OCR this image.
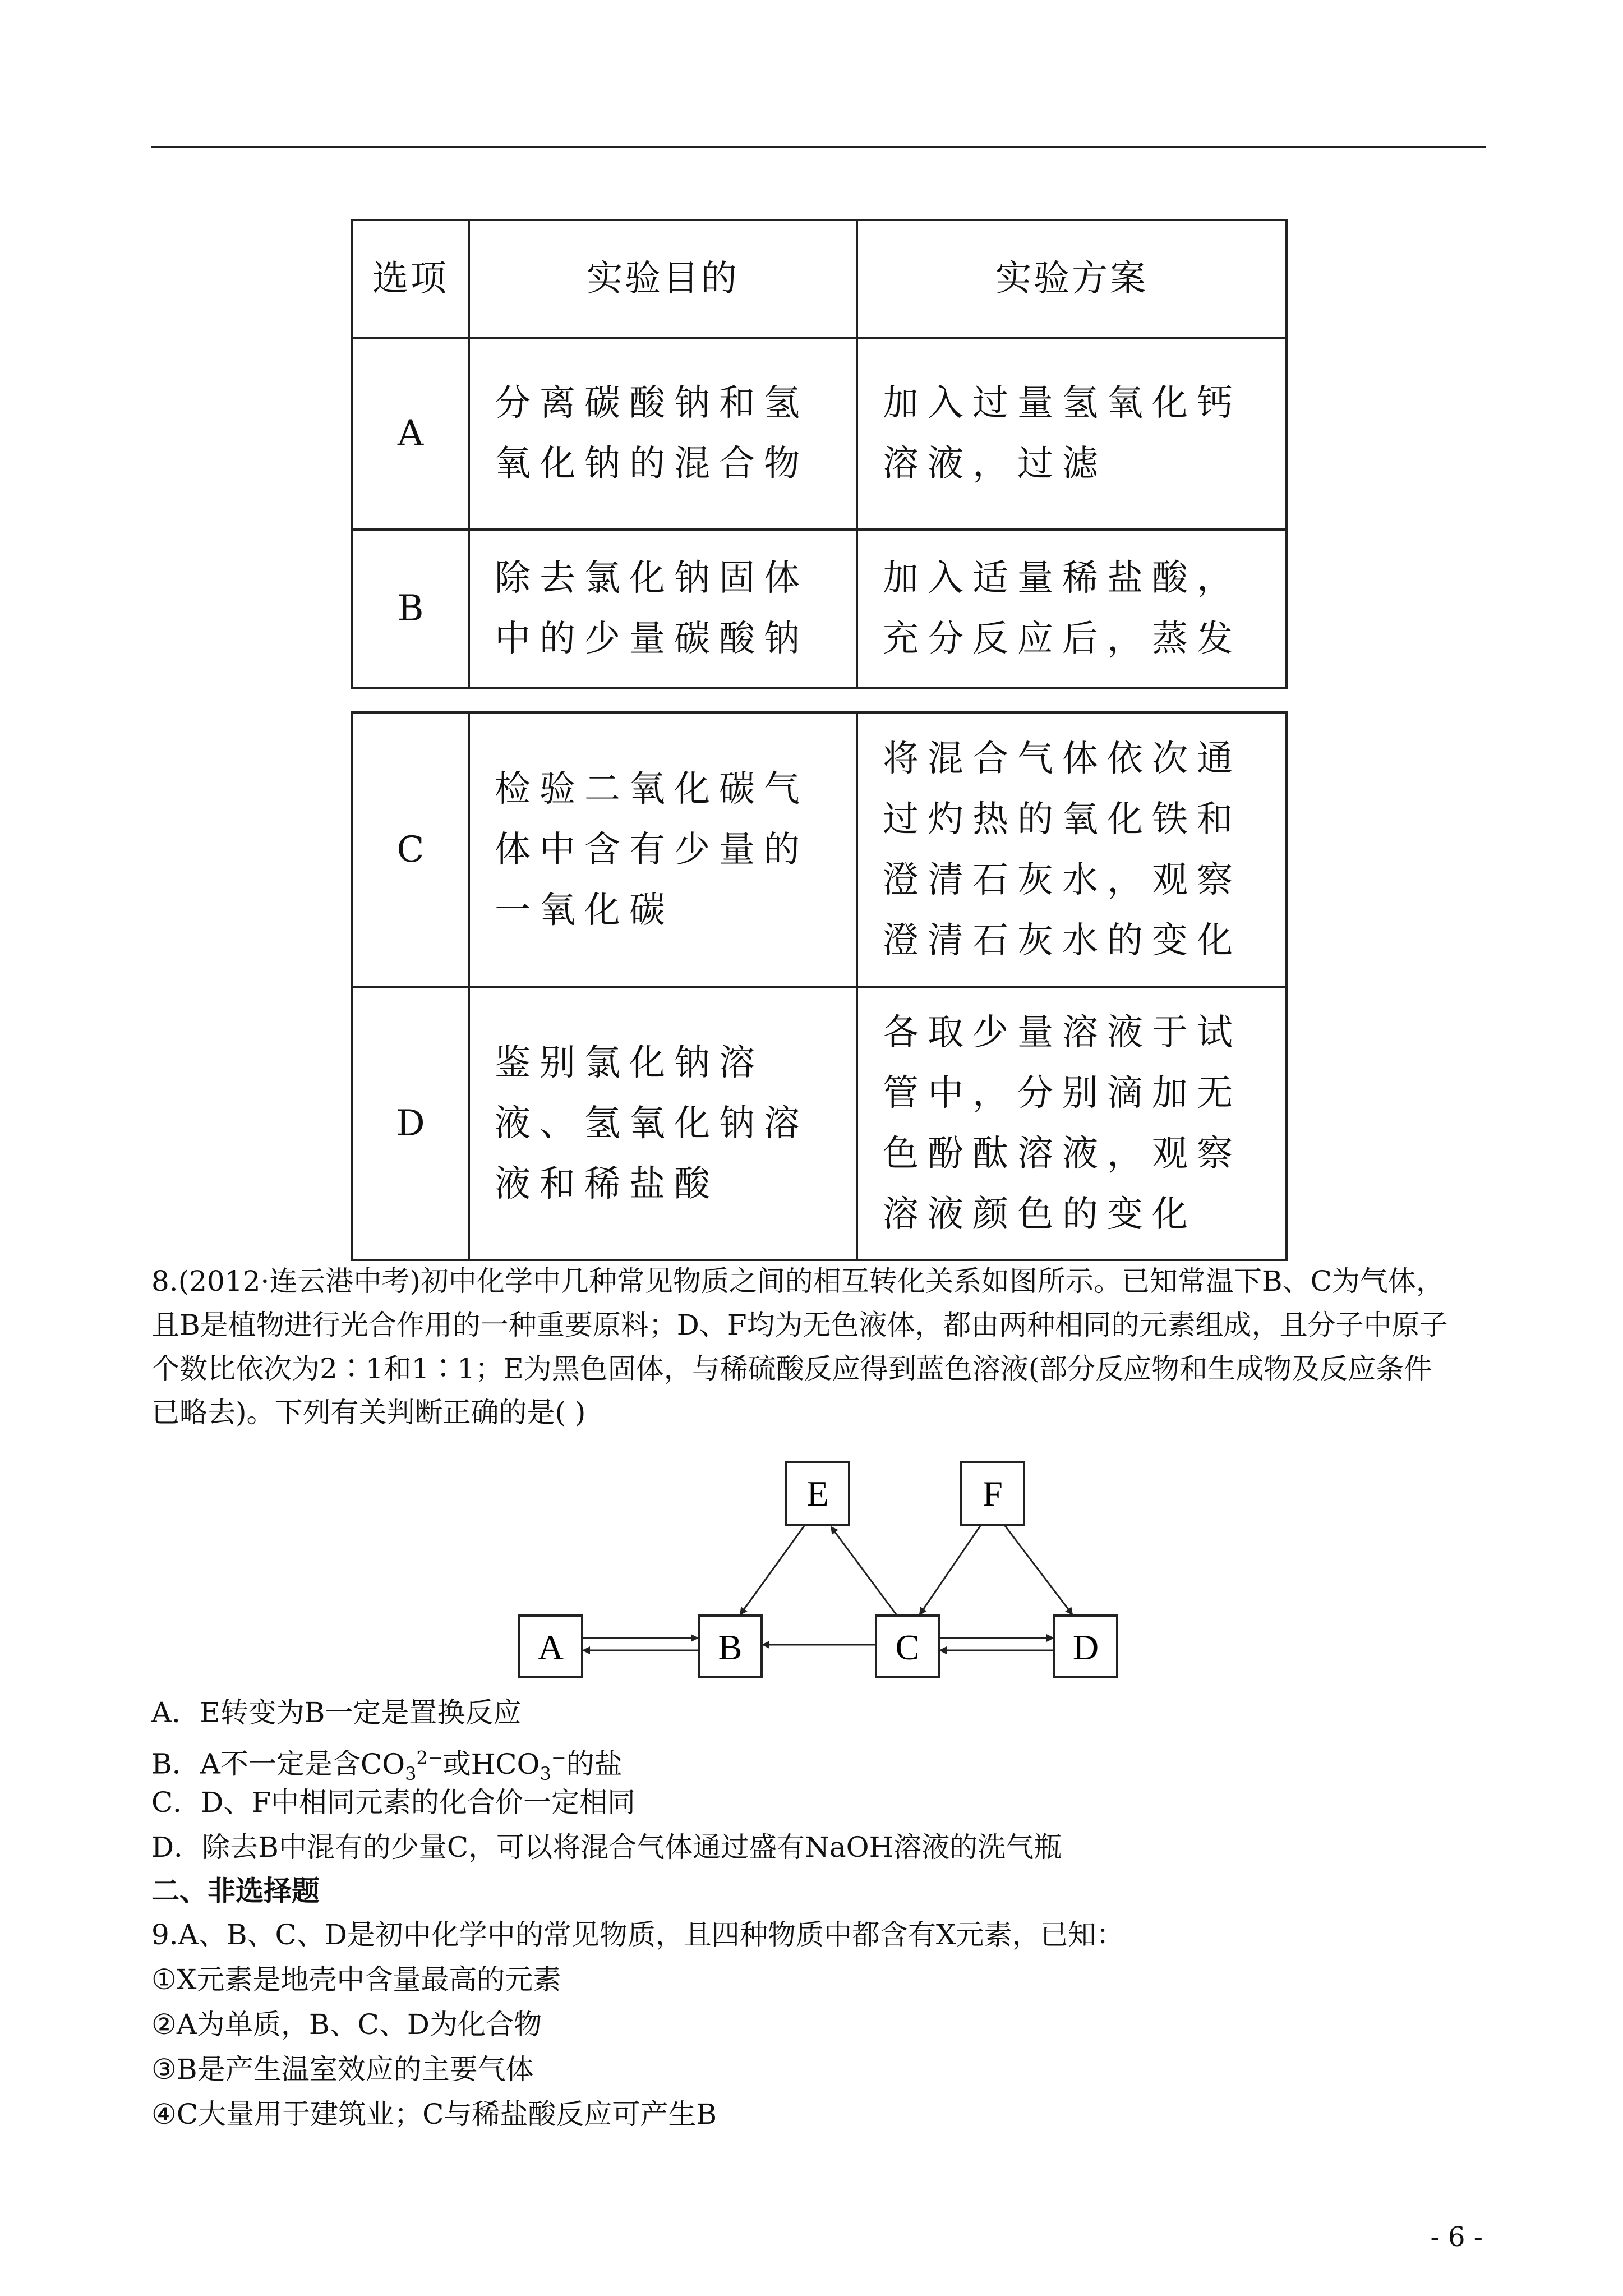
选项	实验目的	实验方案
A	分离碳酸钠和氢氧化钠的混合物	加入过量氢氧化钙溶液，过滤
B	除去氯化钠固体中的少量碳酸钠	加入适量稀盐酸，充分反应后，蒸发
C	检验二氧化碳气体中含有少量的一氧化碳	将混合气体依次通过灼热的氧化铁和澄清石灰水，观察澄清石灰水的变化
D	鉴别氯化钠溶液、氢氧化钠溶液和稀盐酸	各取少量溶液于试管中，分别滴加无色酚酞溶液，观察溶液颜色的变化
8.(2012·连云港中考)初中化学中几种常见物质之间的相互转化关系如图所示。已知常温下B、C为气体，
且B是植物进行光合作用的一种重要原料；D、F均为无色液体，都由两种相同的元素组成，且分子中原子
个数比依次为2∶1和1∶1；E为黑色固体，与稀硫酸反应得到蓝色溶液(部分反应物和生成物及反应条件
已略去)。下列有关判断正确的是( )
A	B	C	D
E	F
A．E转变为B一定是置换反应
B．A不一定是含$CO_3^{2-}$或$HCO_3^-$的盐
C．D、F中相同元素的化合价一定相同
D．除去B中混有的少量C，可以将混合气体通过盛有NaOH溶液的洗气瓶
二、非选择题
9.A、B、C、D是初中化学中的常见物质，且四种物质中都含有X元素，已知：
①X元素是地壳中含量最高的元素
②A为单质，B、C、D为化合物
③B是产生温室效应的主要气体
④C大量用于建筑业；C与稀盐酸反应可产生B
- 6 -
